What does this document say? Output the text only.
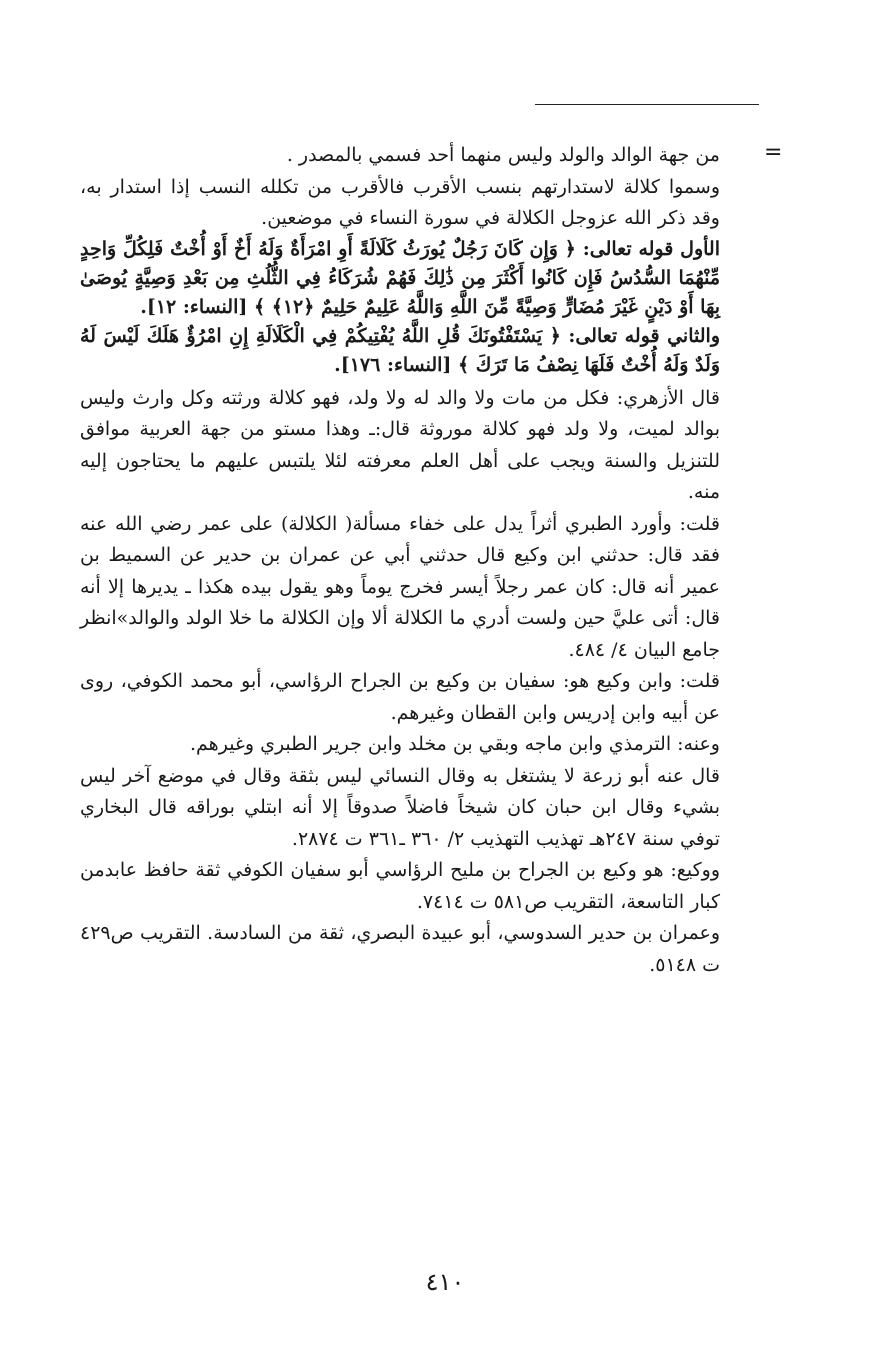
=

من جهة الوالد والولد وليس منهما أحد فسمي بالمصدر .

وسموا كلالة لاستدارتهم بنسب الأقرب فالأقرب من تكلله النسب إذا استدار به، وقد ذكر الله عزوجل الكلالة في سورة النساء في موضعين.

الأول قوله تعالى: ﴿ وَإِن كَانَ رَجُلٌ يُورَثُ كَلَالَةً أَوِ امْرَأَةٌ وَلَهُ أَخٌ أَوْ أُخْتٌ فَلِكُلِّ وَاحِدٍ مِّنْهُمَا السُّدُسُ فَإِن كَانُوا أَكْثَرَ مِن ذَٰلِكَ فَهُمْ شُرَكَاءُ فِي الثُّلُثِ مِن بَعْدِ وَصِيَّةٍ يُوصَىٰ بِهَا أَوْ دَيْنٍ غَيْرَ مُضَارٍّ وَصِيَّةً مِّنَ اللَّهِ وَاللَّهُ عَلِيمٌ حَلِيمٌ ﴿١٢﴾ ﴾ [النساء: ١٢].

والثاني قوله تعالى: ﴿ يَسْتَفْتُونَكَ قُلِ اللَّهُ يُفْتِيكُمْ فِي الْكَلَالَةِ إِنِ امْرُؤٌ هَلَكَ لَيْسَ لَهُ وَلَدٌ وَلَهُ أُخْتٌ فَلَهَا نِصْفُ مَا تَرَكَ ﴾ [النساء: ١٧٦].

قال الأزهري: فكل من مات ولا والد له ولا ولد، فهو كلالة ورثته وكل وارث وليس بوالد لميت، ولا ولد فهو كلالة موروثة قال:ـ وهذا مستو من جهة العربية موافق للتنزيل والسنة ويجب على أهل العلم معرفته لئلا يلتبس عليهم ما يحتاجون إليه منه.

قلت: وأورد الطبري أثراً يدل على خفاء مسألة( الكلالة) على عمر رضي الله عنه فقد قال: حدثني ابن وكيع قال حدثني أبي عن عمران بن حدير عن السميط بن عمير أنه قال: كان عمر رجلاً أيسر فخرج يوماً وهو يقول بيده هكذا ـ يديرها إلا أنه قال: أتى عليَّ حين ولست أدري ما الكلالة ألا وإن الكلالة ما خلا الولد والوالد»انظر جامع البيان ٤/ ٤٨٤.

قلت: وابن وكيع هو: سفيان بن وكيع بن الجراح الرؤاسي، أبو محمد الكوفي، روى عن أبيه وابن إدريس وابن القطان وغيرهم.

وعنه: الترمذي وابن ماجه وبقي بن مخلد وابن جرير الطبري وغيرهم.

قال عنه أبو زرعة لا يشتغل به وقال النسائي ليس بثقة وقال في موضع آخر ليس بشيء وقال ابن حبان كان شيخاً فاضلاً صدوقاً إلا أنه ابتلي بوراقه قال البخاري توفي سنة ٢٤٧هـ تهذيب التهذيب ٢/ ٣٦٠ ـ٣٦١ ت ٢٨٧٤.

ووكيع: هو وكيع بن الجراح بن مليح الرؤاسي أبو سفيان الكوفي ثقة حافظ عابدمن كبار التاسعة، التقريب ص٥٨١ ت ٧٤١٤.

وعمران بن حدير السدوسي، أبو عبيدة البصري، ثقة من السادسة. التقريب ص٤٢٩ ت ٥١٤٨.

٤١٠
